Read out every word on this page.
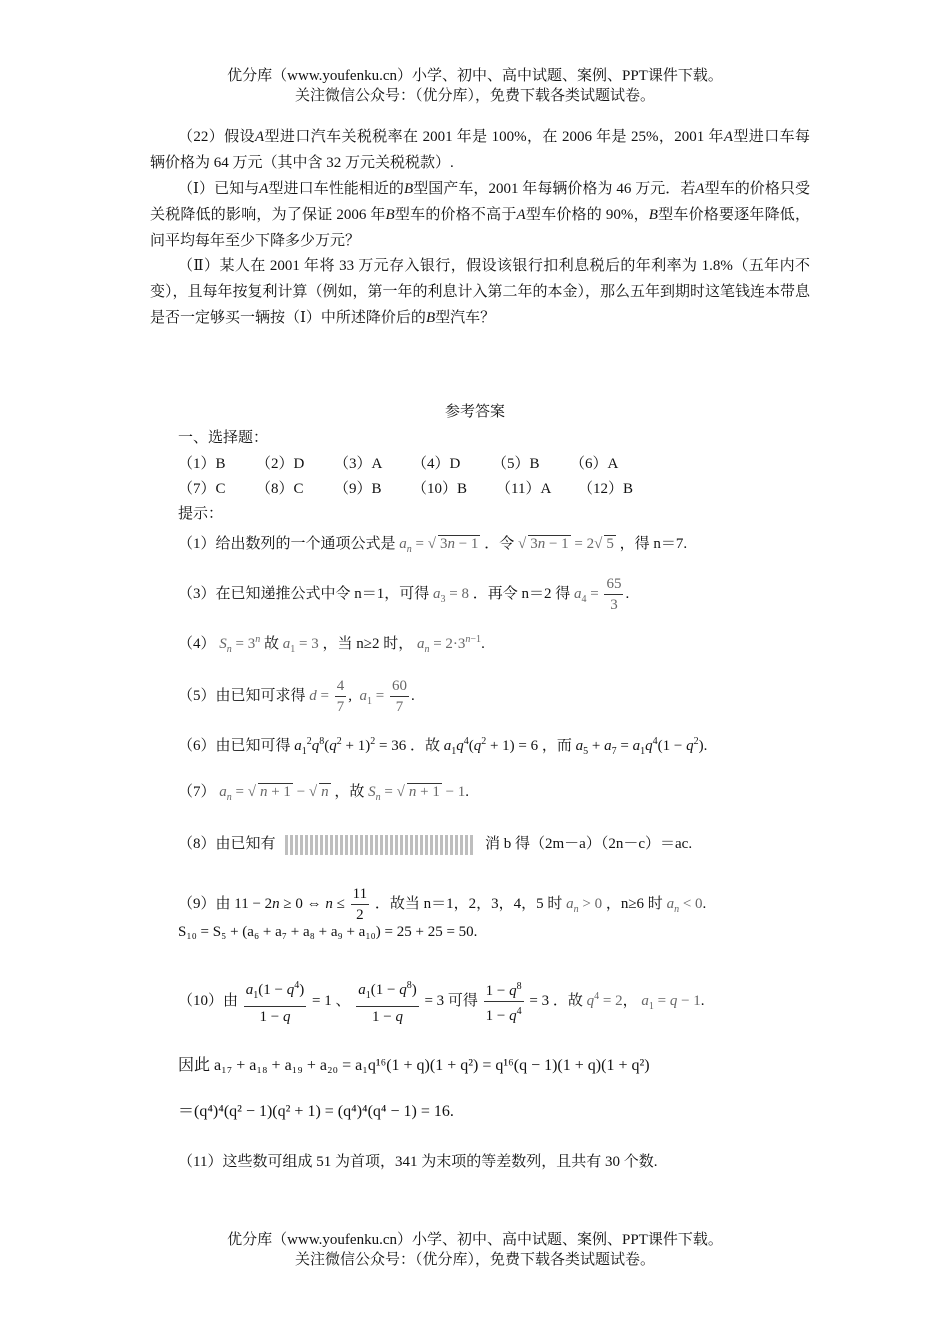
优分库（www.youfenku.cn）小学、初中、高中试题、案例、PPT课件下载。
关注微信公众号：（优分库），免费下载各类试题试卷。
（22）假设A型进口汽车关税税率在 2001 年是 100%，在 2006 年是 25%，2001 年A型进口车每辆价格为 64 万元（其中含 32 万元关税税款）.
（Ⅰ）已知与A型进口车性能相近的B型国产车，2001 年每辆价格为 46 万元．若A型车的价格只受关税降低的影响，为了保证 2006 年B型车的价格不高于A型车价格的 90%，B型车价格要逐年降低，问平均每年至少下降多少万元？
（Ⅱ）某人在 2001 年将 33 万元存入银行，假设该银行扣利息税后的年利率为 1.8%（五年内不变），且每年按复利计算（例如，第一年的利息计入第二年的本金），那么五年到期时这笔钱连本带息是否一定够买一辆按（Ⅰ）中所述降价后的B型汽车？
参考答案
一、选择题：
（1）B （2）D （3）A （4）D （5）B （6）A
（7）C （8）C （9）B （10）B （11）A （12）B
提示：
（1）给出数列的一个通项公式是 $a_n$ = √ 3n − 1 ．令 √ 3n − 1 = 2√ 5 ，得 n＝7.
（3）在已知递推公式中令 n＝1，可得 $a_3 = 8$ ．再令 n＝2 得 $a_4 = \frac{65}{3}$ .
（4） $S_n = 3^n$ 故 $a_1 = 3$ ，当 n≥2 时， $a_n = 2\cdot 3^{n-1}$.
（5）由已知可求得 $d = \frac{4}{7}$ ,  $a_1 = \frac{60}{7}$ .
（6）由已知可得 $a_1^2q^8(q^2 + 1)^2 = 36$ ．故 $a_1q^4(q^2 + 1) = 6$ ，而 $a_5 + a_7 = a_1q^4(1 - q^2)$.
（7） $a_n$ = √ n + 1 − √ n ，故 $S_n$ = √ n + 1 − 1.
（8）由已知有	消 b 得（2m－a）（2n－c）＝ac.
（9）由 11 − 2n ≥ 0 ⇔ $n \le \frac{11}{2}$ ．故当 n＝1，2，3，4，5 时 $a_n > 0$ ，n≥6 时 $a_n < 0$.
S₁₀ = S₅ + (a₆ + a₇ + a₈ + a₉ + a₁₀) = 25 + 25 = 50.
（10）由 $\frac{a_1(1 - q^4)}{1 - q} = 1$ 、 $\frac{a_1(1 - q^8)}{1 - q} = 3$ 可得 $\frac{1 - q^8}{1 - q^4} = 3$ ．故 $q^4 = 2$， $a_1 = q - 1$.
因此 a₁₇ + a₁₈ + a₁₉ + a₂₀ = a₁q¹⁶(1 + q)(1 + q²) = q¹⁶(q − 1)(1 + q)(1 + q²)
＝(q⁴)⁴(q² − 1)(q² + 1) = (q⁴)⁴(q⁴ − 1) = 16.
（11）这些数可组成 51 为首项，341 为末项的等差数列，且共有 30 个数.
优分库（www.youfenku.cn）小学、初中、高中试题、案例、PPT课件下载。
关注微信公众号：（优分库），免费下载各类试题试卷。
